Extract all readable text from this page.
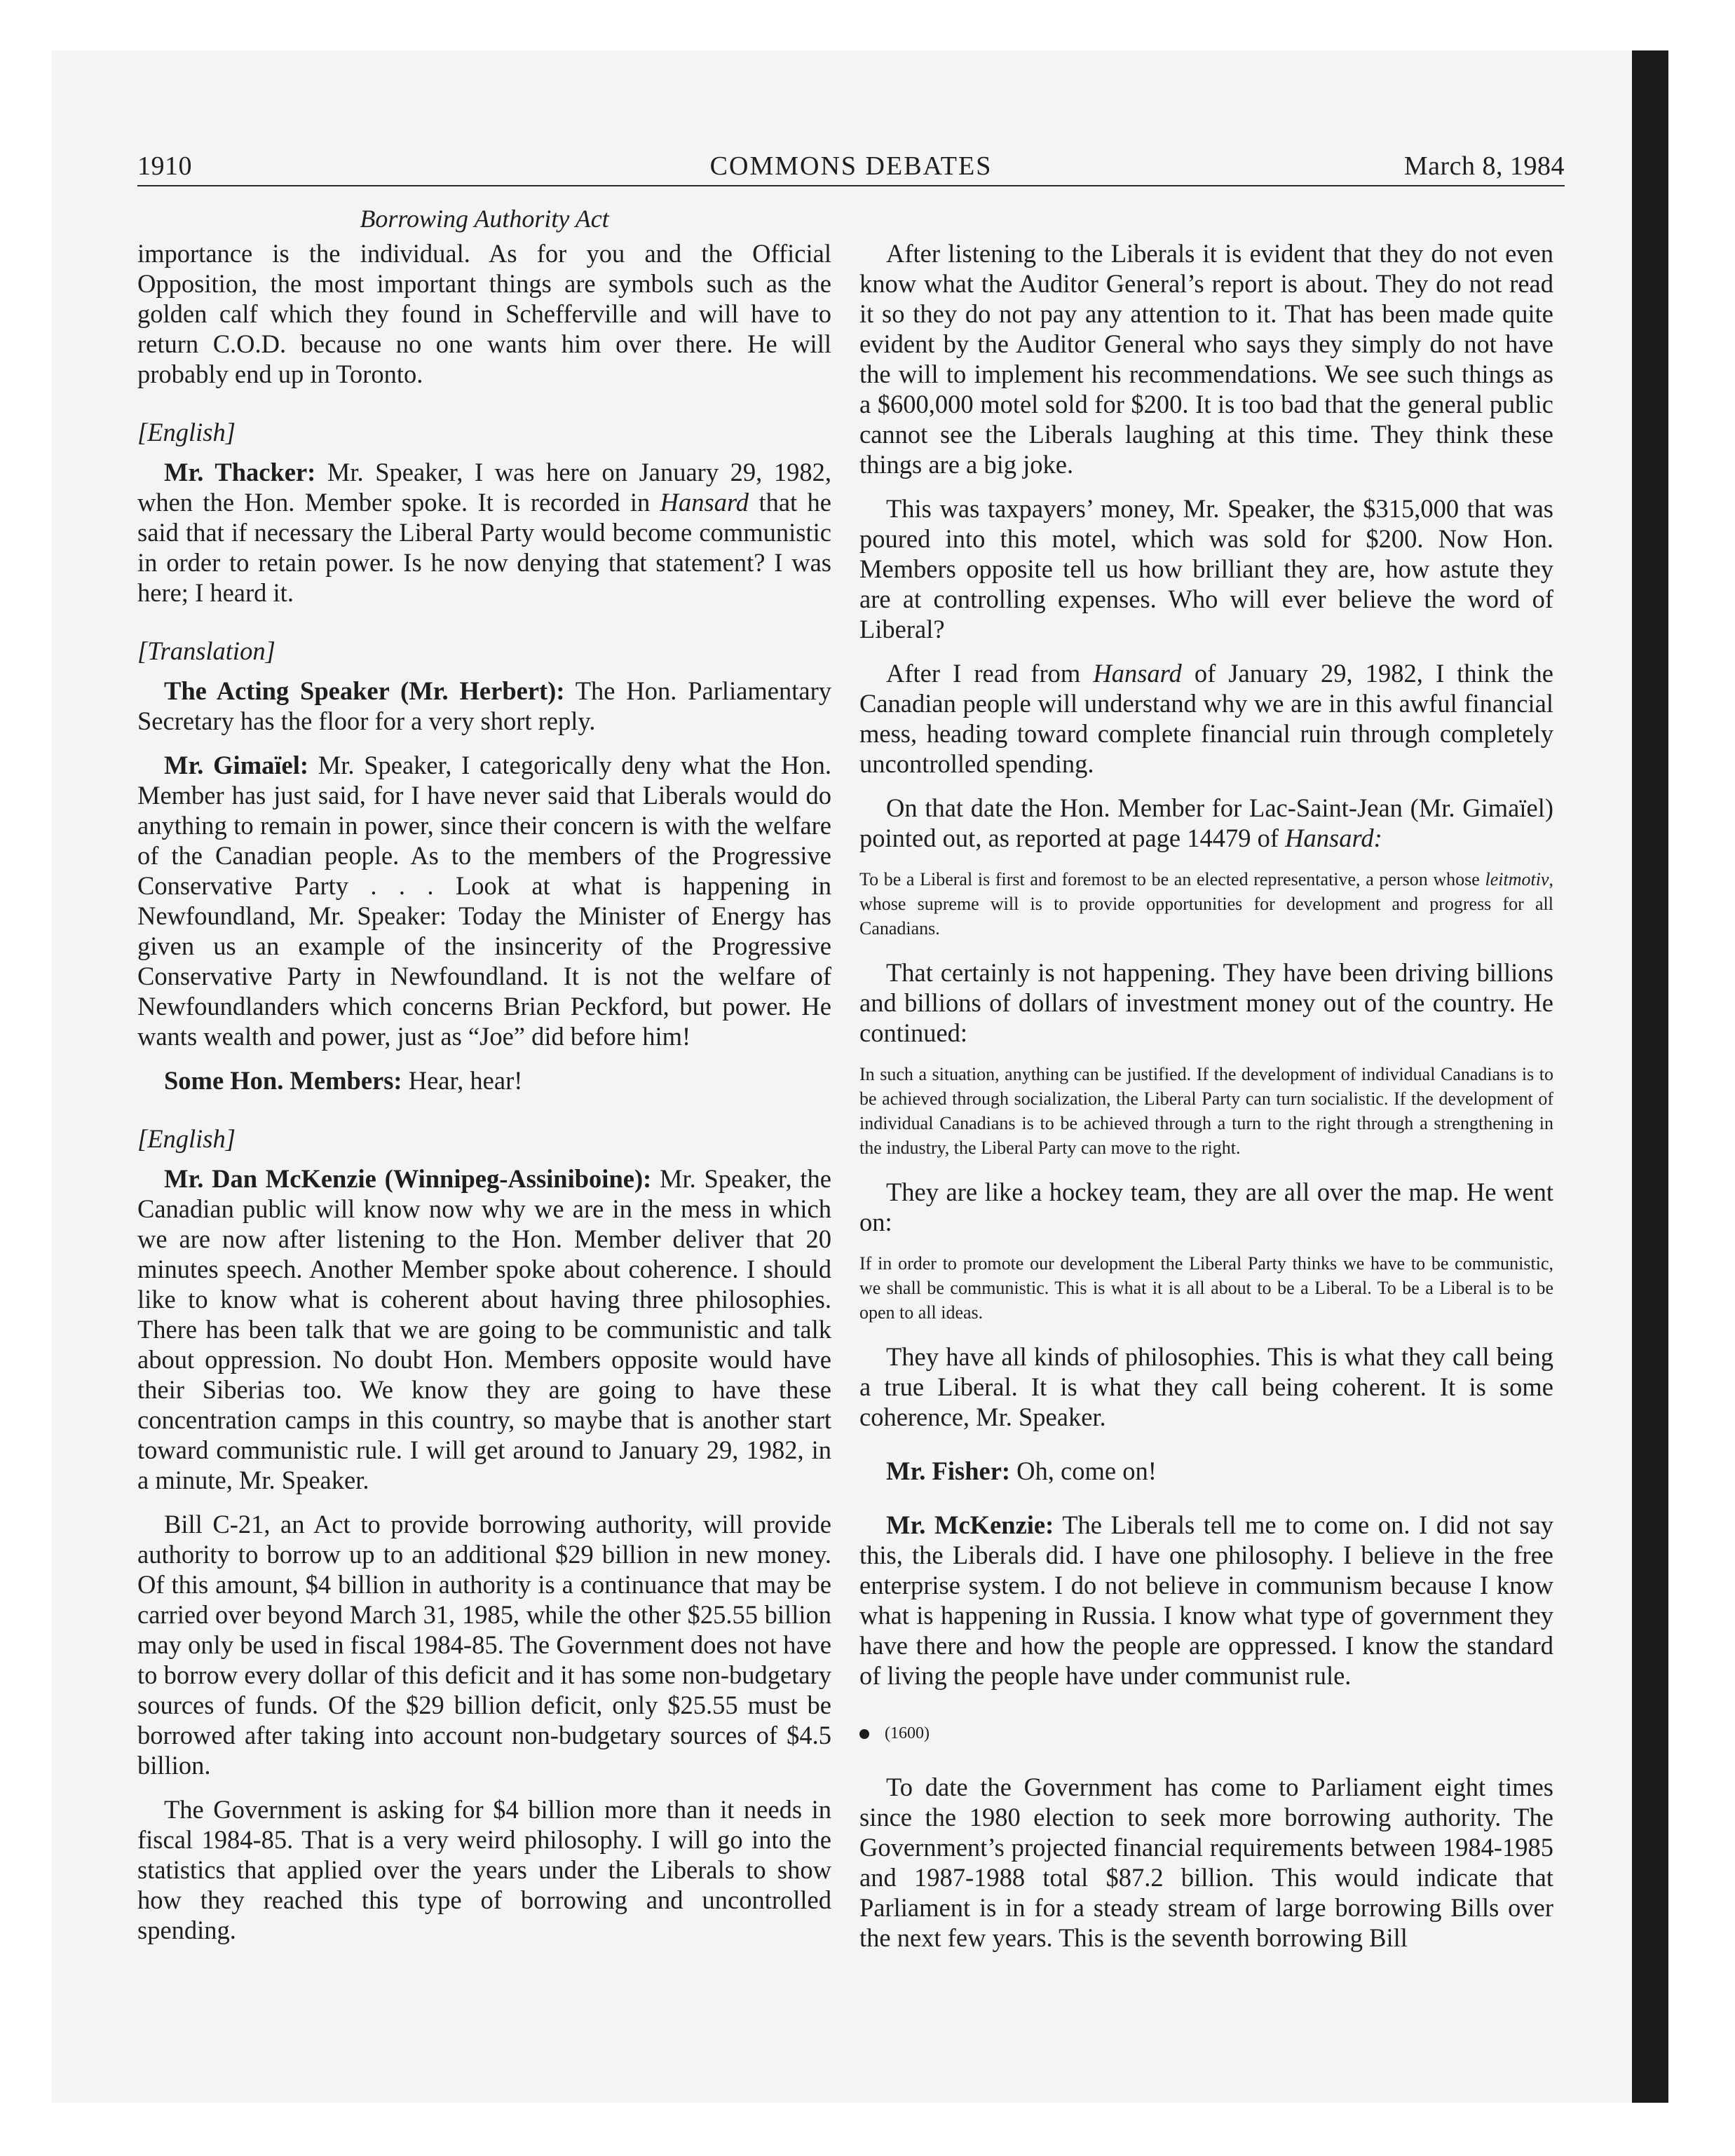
1910	COMMONS DEBATES	March 8, 1984
Borrowing Authority Act

importance is the individual. As for you and the Official Opposition, the most important things are symbols such as the golden calf which they found in Schefferville and will have to return C.O.D. because no one wants him over there. He will probably end up in Toronto.

[English]

Mr. Thacker: Mr. Speaker, I was here on January 29, 1982, when the Hon. Member spoke. It is recorded in Hansard that he said that if necessary the Liberal Party would become communistic in order to retain power. Is he now denying that statement? I was here; I heard it.

[Translation]

The Acting Speaker (Mr. Herbert): The Hon. Parliamentary Secretary has the floor for a very short reply.

Mr. Gimaïel: Mr. Speaker, I categorically deny what the Hon. Member has just said, for I have never said that Liberals would do anything to remain in power, since their concern is with the welfare of the Canadian people. As to the members of the Progressive Conservative Party . . . Look at what is happening in Newfoundland, Mr. Speaker: Today the Minister of Energy has given us an example of the insincerity of the Progressive Conservative Party in Newfoundland. It is not the welfare of Newfoundlanders which concerns Brian Peckford, but power. He wants wealth and power, just as “Joe” did before him!

Some Hon. Members: Hear, hear!

[English]

Mr. Dan McKenzie (Winnipeg-Assiniboine): Mr. Speaker, the Canadian public will know now why we are in the mess in which we are now after listening to the Hon. Member deliver that 20 minutes speech. Another Member spoke about coherence. I should like to know what is coherent about having three philosophies. There has been talk that we are going to be communistic and talk about oppression. No doubt Hon. Members opposite would have their Siberias too. We know they are going to have these concentration camps in this country, so maybe that is another start toward communistic rule. I will get around to January 29, 1982, in a minute, Mr. Speaker.

Bill C-21, an Act to provide borrowing authority, will provide authority to borrow up to an additional $29 billion in new money. Of this amount, $4 billion in authority is a continuance that may be carried over beyond March 31, 1985, while the other $25.55 billion may only be used in fiscal 1984-85. The Government does not have to borrow every dollar of this deficit and it has some non-budgetary sources of funds. Of the $29 billion deficit, only $25.55 must be borrowed after taking into account non-budgetary sources of $4.5 billion.

The Government is asking for $4 billion more than it needs in fiscal 1984-85. That is a very weird philosophy. I will go into the statistics that applied over the years under the Liberals to show how they reached this type of borrowing and uncontrolled spending.

After listening to the Liberals it is evident that they do not even know what the Auditor General’s report is about. They do not read it so they do not pay any attention to it. That has been made quite evident by the Auditor General who says they simply do not have the will to implement his recommendations. We see such things as a $600,000 motel sold for $200. It is too bad that the general public cannot see the Liberals laughing at this time. They think these things are a big joke.

This was taxpayers’ money, Mr. Speaker, the $315,000 that was poured into this motel, which was sold for $200. Now Hon. Members opposite tell us how brilliant they are, how astute they are at controlling expenses. Who will ever believe the word of Liberal?

After I read from Hansard of January 29, 1982, I think the Canadian people will understand why we are in this awful financial mess, heading toward complete financial ruin through completely uncontrolled spending.

On that date the Hon. Member for Lac-Saint-Jean (Mr. Gimaïel) pointed out, as reported at page 14479 of Hansard:

To be a Liberal is first and foremost to be an elected representative, a person whose leitmotiv, whose supreme will is to provide opportunities for development and progress for all Canadians.

That certainly is not happening. They have been driving billions and billions of dollars of investment money out of the country. He continued:

In such a situation, anything can be justified. If the development of individual Canadians is to be achieved through socialization, the Liberal Party can turn socialistic. If the development of individual Canadians is to be achieved through a turn to the right through a strengthening in the industry, the Liberal Party can move to the right.

They are like a hockey team, they are all over the map. He went on:

If in order to promote our development the Liberal Party thinks we have to be communistic, we shall be communistic. This is what it is all about to be a Liberal. To be a Liberal is to be open to all ideas.

They have all kinds of philosophies. This is what they call being a true Liberal. It is what they call being coherent. It is some coherence, Mr. Speaker.

Mr. Fisher: Oh, come on!

Mr. McKenzie: The Liberals tell me to come on. I did not say this, the Liberals did. I have one philosophy. I believe in the free enterprise system. I do not believe in communism because I know what is happening in Russia. I know what type of government they have there and how the people are oppressed. I know the standard of living the people have under communist rule.

(1600)

To date the Government has come to Parliament eight times since the 1980 election to seek more borrowing authority. The Government’s projected financial requirements between 1984-1985 and 1987-1988 total $87.2 billion. This would indicate that Parliament is in for a steady stream of large borrowing Bills over the next few years. This is the seventh borrowing Bill
